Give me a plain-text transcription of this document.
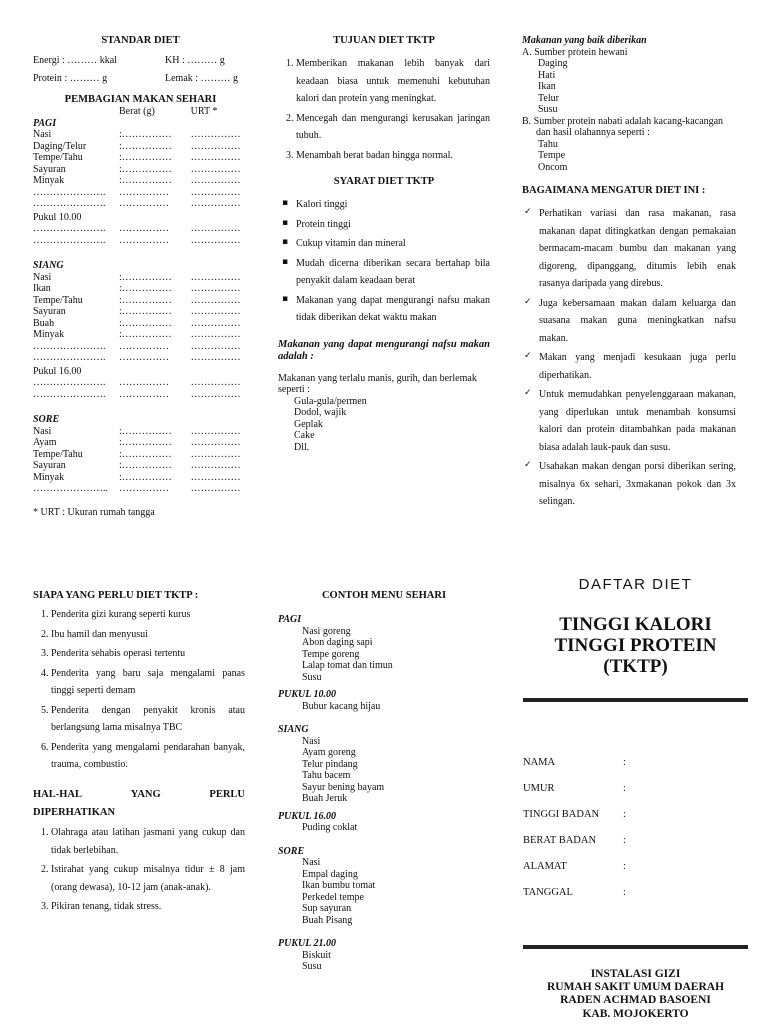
STANDAR DIET
Energi : ……… kkal	KH : ……… g
Protein : ……… g	Lemak : ……… g
PEMBAGIAN MAKAN SEHARI
Berat (g)	URT *
PAGI
Nasi	:……………	……………
Daging/Telur	:……………	……………
Tempe/Tahu	:……………	……………
Sayuran	:……………	……………
Minyak	:……………	……………
………………….	……………	……………
………………….	……………	……………
Pukul 10.00
………………….	……………	……………
………………….	……………	……………
SIANG
Nasi	:……………	……………
Ikan	:……………	……………
Tempe/Tahu	:……………	……………
Sayuran	:……………	……………
Buah	:……………	……………
Minyak	:……………	……………
………………….	……………	……………
………………….	……………	……………
Pukul 16.00
………………….	……………	……………
………………….	……………	……………
SORE
Nasi	:……………	……………
Ayam	:……………	……………
Tempe/Tahu	:……………	……………
Sayuran	:……………	……………
Minyak	:……………	……………
…………………..	……………	……………
* URT : Ukuran rumah tangga
TUJUAN DIET TKTP
1. Memberikan makanan lebih banyak dari keadaan biasa untuk memenuhi kebutuhan kalori dan protein yang meningkat.
2. Mencegah dan mengurangi kerusakan jaringan tubuh.
3. Menambah berat badan hingga normal.
SYARAT DIET TKTP
▪ Kalori tinggi
▪ Protein tinggi
▪ Cukup vitamin dan mineral
▪ Mudah dicerna diberikan secara bertahap bila penyakit dalam keadaan berat
▪ Makanan yang dapat mengurangi nafsu makan tidak diberikan dekat waktu makan
Makanan yang dapat mengurangi nafsu makan adalah :
Makanan yang terlalu manis, gurih, dan berlemak seperti :
Gula-gula/permen
Dodol, wajik
Geplak
Cake
Dll.
Makanan yang baik diberikan
A. Sumber protein hewani
Daging
Hati
Ikan
Telur
Susu
B. Sumber protein nabati adalah kacang-kacangan dan hasil olahannya seperti :
Tahu
Tempe
Oncom
BAGAIMANA MENGATUR DIET INI :
✓ Perhatikan variasi dan rasa makanan, rasa makanan dapat ditingkatkan dengan pemakaian bermacam-macam bumbu dan makanan yang digoreng, dipanggang, ditumis lebih enak rasanya daripada yang direbus.
✓ Juga kebersamaan makan dalam keluarga dan suasana makan guna meningkatkan nafsu makan.
✓ Makan yang menjadi kesukaan juga perlu diperhatikan.
✓ Untuk memudahkan penyelenggaraan makanan, yang diperlukan untuk menambah konsumsi kalori dan protein ditambahkan pada makanan biasa adalah lauk-pauk dan susu.
✓ Usahakan makan dengan porsi diberikan sering, misalnya 6x sehari, 3xmakanan pokok dan 3x selingan.
SIAPA YANG PERLU DIET TKTP :
1. Penderita gizi kurang seperti kurus
2. Ibu hamil dan menyusui
3. Penderita sehabis operasi tertentu
4. Penderita yang baru saja mengalami panas tinggi seperti demam
5. Penderita dengan penyakit kronis atau berlangsung lama misalnya TBC
6. Penderita yang mengalami pendarahan banyak, trauma, combustio.
HAL-HAL	YANG	PERLU
DIPERHATIKAN
1. Olahraga atau latihan jasmani yang cukup dan tidak berlebihan.
2. Istirahat yang cukup misalnya tidur ± 8 jam (orang dewasa), 10-12 jam (anak-anak).
3. Pikiran tenang, tidak stress.
CONTOH MENU SEHARI
PAGI
Nasi goreng
Abon daging sapi
Tempe goreng
Lalap tomat dan timun
Susu
PUKUL 10.00
Bubur kacang hijau
SIANG
Nasi
Ayam goreng
Telur pindang
Tahu bacem
Sayur bening bayam
Buah Jeruk
PUKUL 16.00
Puding coklat
SORE
Nasi
Empal daging
Ikan bumbu tomat
Perkedel tempe
Sup sayuran
Buah Pisang
PUKUL 21.00
Biskuit
Susu
DAFTAR DIET
TINGGI KALORI
TINGGI PROTEIN
(TKTP)
NAMA	:
UMUR	:
TINGGI BADAN	:
BERAT BADAN	:
ALAMAT	:
TANGGAL	:
INSTALASI GIZI
RUMAH SAKIT UMUM DAERAH
RADEN ACHMAD BASOENI
KAB. MOJOKERTO
